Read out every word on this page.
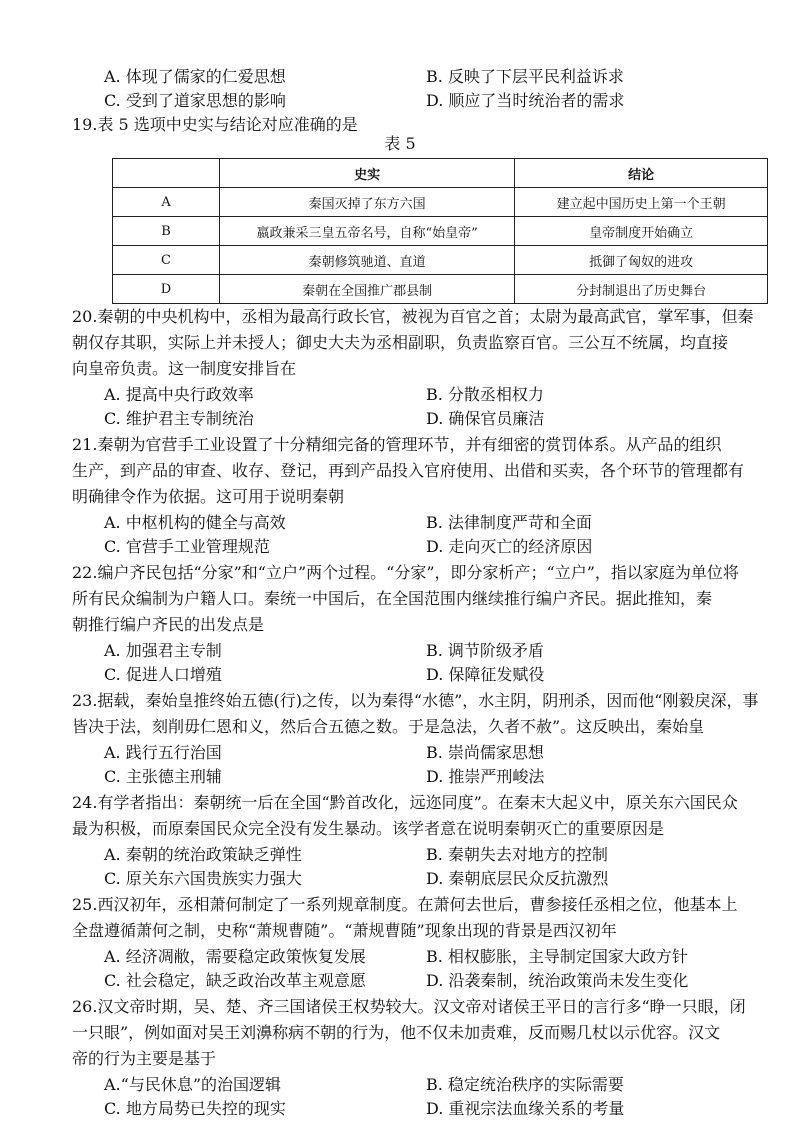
A. 体现了儒家的仁爱思想	B. 反映了下层平民利益诉求
C. 受到了道家思想的影响	D. 顺应了当时统治者的需求
19.表 5 选项中史实与结论对应准确的是
表 5
	史实	结论
A	秦国灭掉了东方六国	建立起中国历史上第一个王朝
B	嬴政兼采三皇五帝名号，自称“始皇帝”	皇帝制度开始确立
C	秦朝修筑驰道、直道	抵御了匈奴的进攻
D	秦朝在全国推广郡县制	分封制退出了历史舞台
20.秦朝的中央机构中，丞相为最高行政长官，被视为百官之首；太尉为最高武官，掌军事，但秦
朝仅存其职，实际上并未授人；御史大夫为丞相副职，负责监察百官。三公互不统属，均直接
向皇帝负责。这一制度安排旨在
A. 提高中央行政效率	B. 分散丞相权力
C. 维护君主专制统治	D. 确保官员廉洁
21.秦朝为官营手工业设置了十分精细完备的管理环节，并有细密的赏罚体系。从产品的组织
生产，到产品的审查、收存、登记，再到产品投入官府使用、出借和买卖，各个环节的管理都有
明确律令作为依据。这可用于说明秦朝
A. 中枢机构的健全与高效	B. 法律制度严苛和全面
C. 官营手工业管理规范	D. 走向灭亡的经济原因
22.编户齐民包括“分家”和“立户”两个过程。“分家”，即分家析产；“立户”，指以家庭为单位将
所有民众编制为户籍人口。秦统一中国后，在全国范围内继续推行编户齐民。据此推知，秦
朝推行编户齐民的出发点是
A. 加强君主专制	B. 调节阶级矛盾
C. 促进人口增殖	D. 保障征发赋役
23.据载，秦始皇推终始五德(行)之传，以为秦得“水德”，水主阴，阴刑杀，因而他“刚毅戾深，事
皆决于法，刻削毋仁恩和义，然后合五德之数。于是急法，久者不赦”。这反映出，秦始皇
A. 践行五行治国	B. 崇尚儒家思想
C. 主张德主刑辅	D. 推崇严刑峻法
24.有学者指出：秦朝统一后在全国“黔首改化，远迩同度”。在秦末大起义中，原关东六国民众
最为积极，而原秦国民众完全没有发生暴动。该学者意在说明秦朝灭亡的重要原因是
A. 秦朝的统治政策缺乏弹性	B. 秦朝失去对地方的控制
C. 原关东六国贵族实力强大	D. 秦朝底层民众反抗激烈
25.西汉初年，丞相萧何制定了一系列规章制度。在萧何去世后，曹参接任丞相之位，他基本上
全盘遵循萧何之制，史称“萧规曹随”。“萧规曹随”现象出现的背景是西汉初年
A. 经济凋敝，需要稳定政策恢复发展	B. 相权膨胀，主导制定国家大政方针
C. 社会稳定，缺乏政治改革主观意愿	D. 沿袭秦制，统治政策尚未发生变化
26.汉文帝时期，吴、楚、齐三国诸侯王权势较大。汉文帝对诸侯王平日的言行多“睁一只眼，闭
一只眼”，例如面对吴王刘濞称病不朝的行为，他不仅未加责难，反而赐几杖以示优容。汉文
帝的行为主要是基于
A.“与民休息”的治国逻辑	B. 稳定统治秩序的实际需要
C. 地方局势已失控的现实	D. 重视宗法血缘关系的考量
